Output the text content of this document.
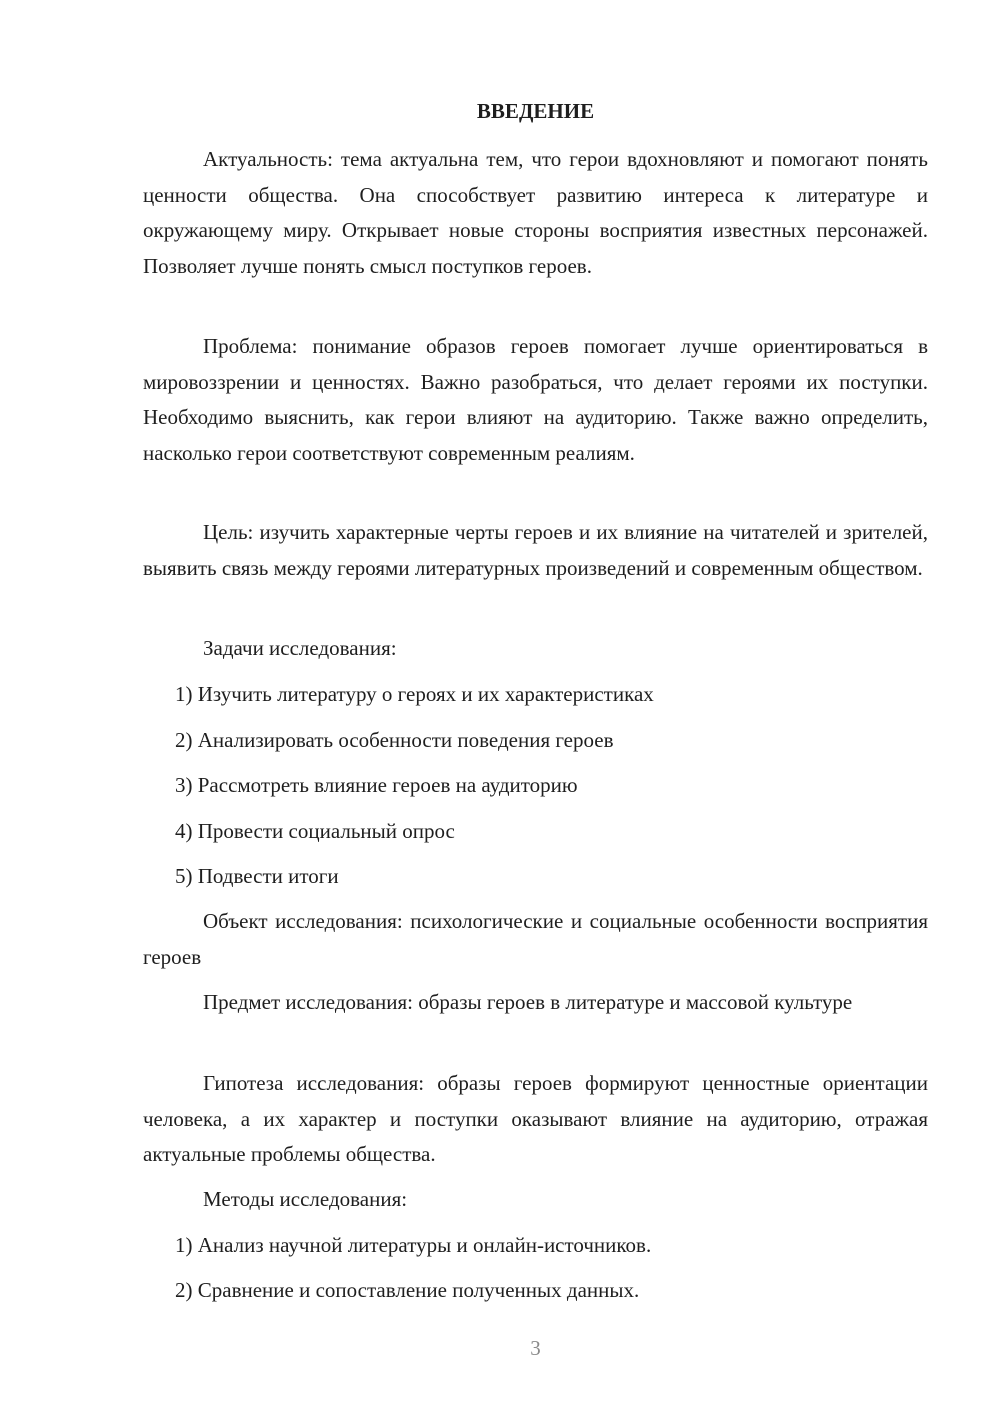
ВВЕДЕНИЕ

Актуальность: тема актуальна тем, что герои вдохновляют и помогают понять ценности общества. Она способствует развитию интереса к литературе и окружающему миру. Открывает новые стороны восприятия известных персонажей. Позволяет лучше понять смысл поступков героев.

Проблема: понимание образов героев помогает лучше ориентироваться в мировоззрении и ценностях. Важно разобраться, что делает героями их поступки. Необходимо выяснить, как герои влияют на аудиторию. Также важно определить, насколько герои соответствуют современным реалиям.

Цель: изучить характерные черты героев и их влияние на читателей и зрителей, выявить связь между героями литературных произведений и современным обществом.

Задачи исследования:

1) Изучить литературу о героях и их характеристиках

2) Анализировать особенности поведения героев

3) Рассмотреть влияние героев на аудиторию

4) Провести социальный опрос

5) Подвести итоги

Объект исследования: психологические и социальные особенности восприятия героев

Предмет исследования: образы героев в литературе и массовой культуре

Гипотеза исследования: образы героев формируют ценностные ориентации человека, а их характер и поступки оказывают влияние на аудиторию, отражая актуальные проблемы общества.

Методы исследования:

1) Анализ научной литературы и онлайн-источников.

2) Сравнение и сопоставление полученных данных.

3
